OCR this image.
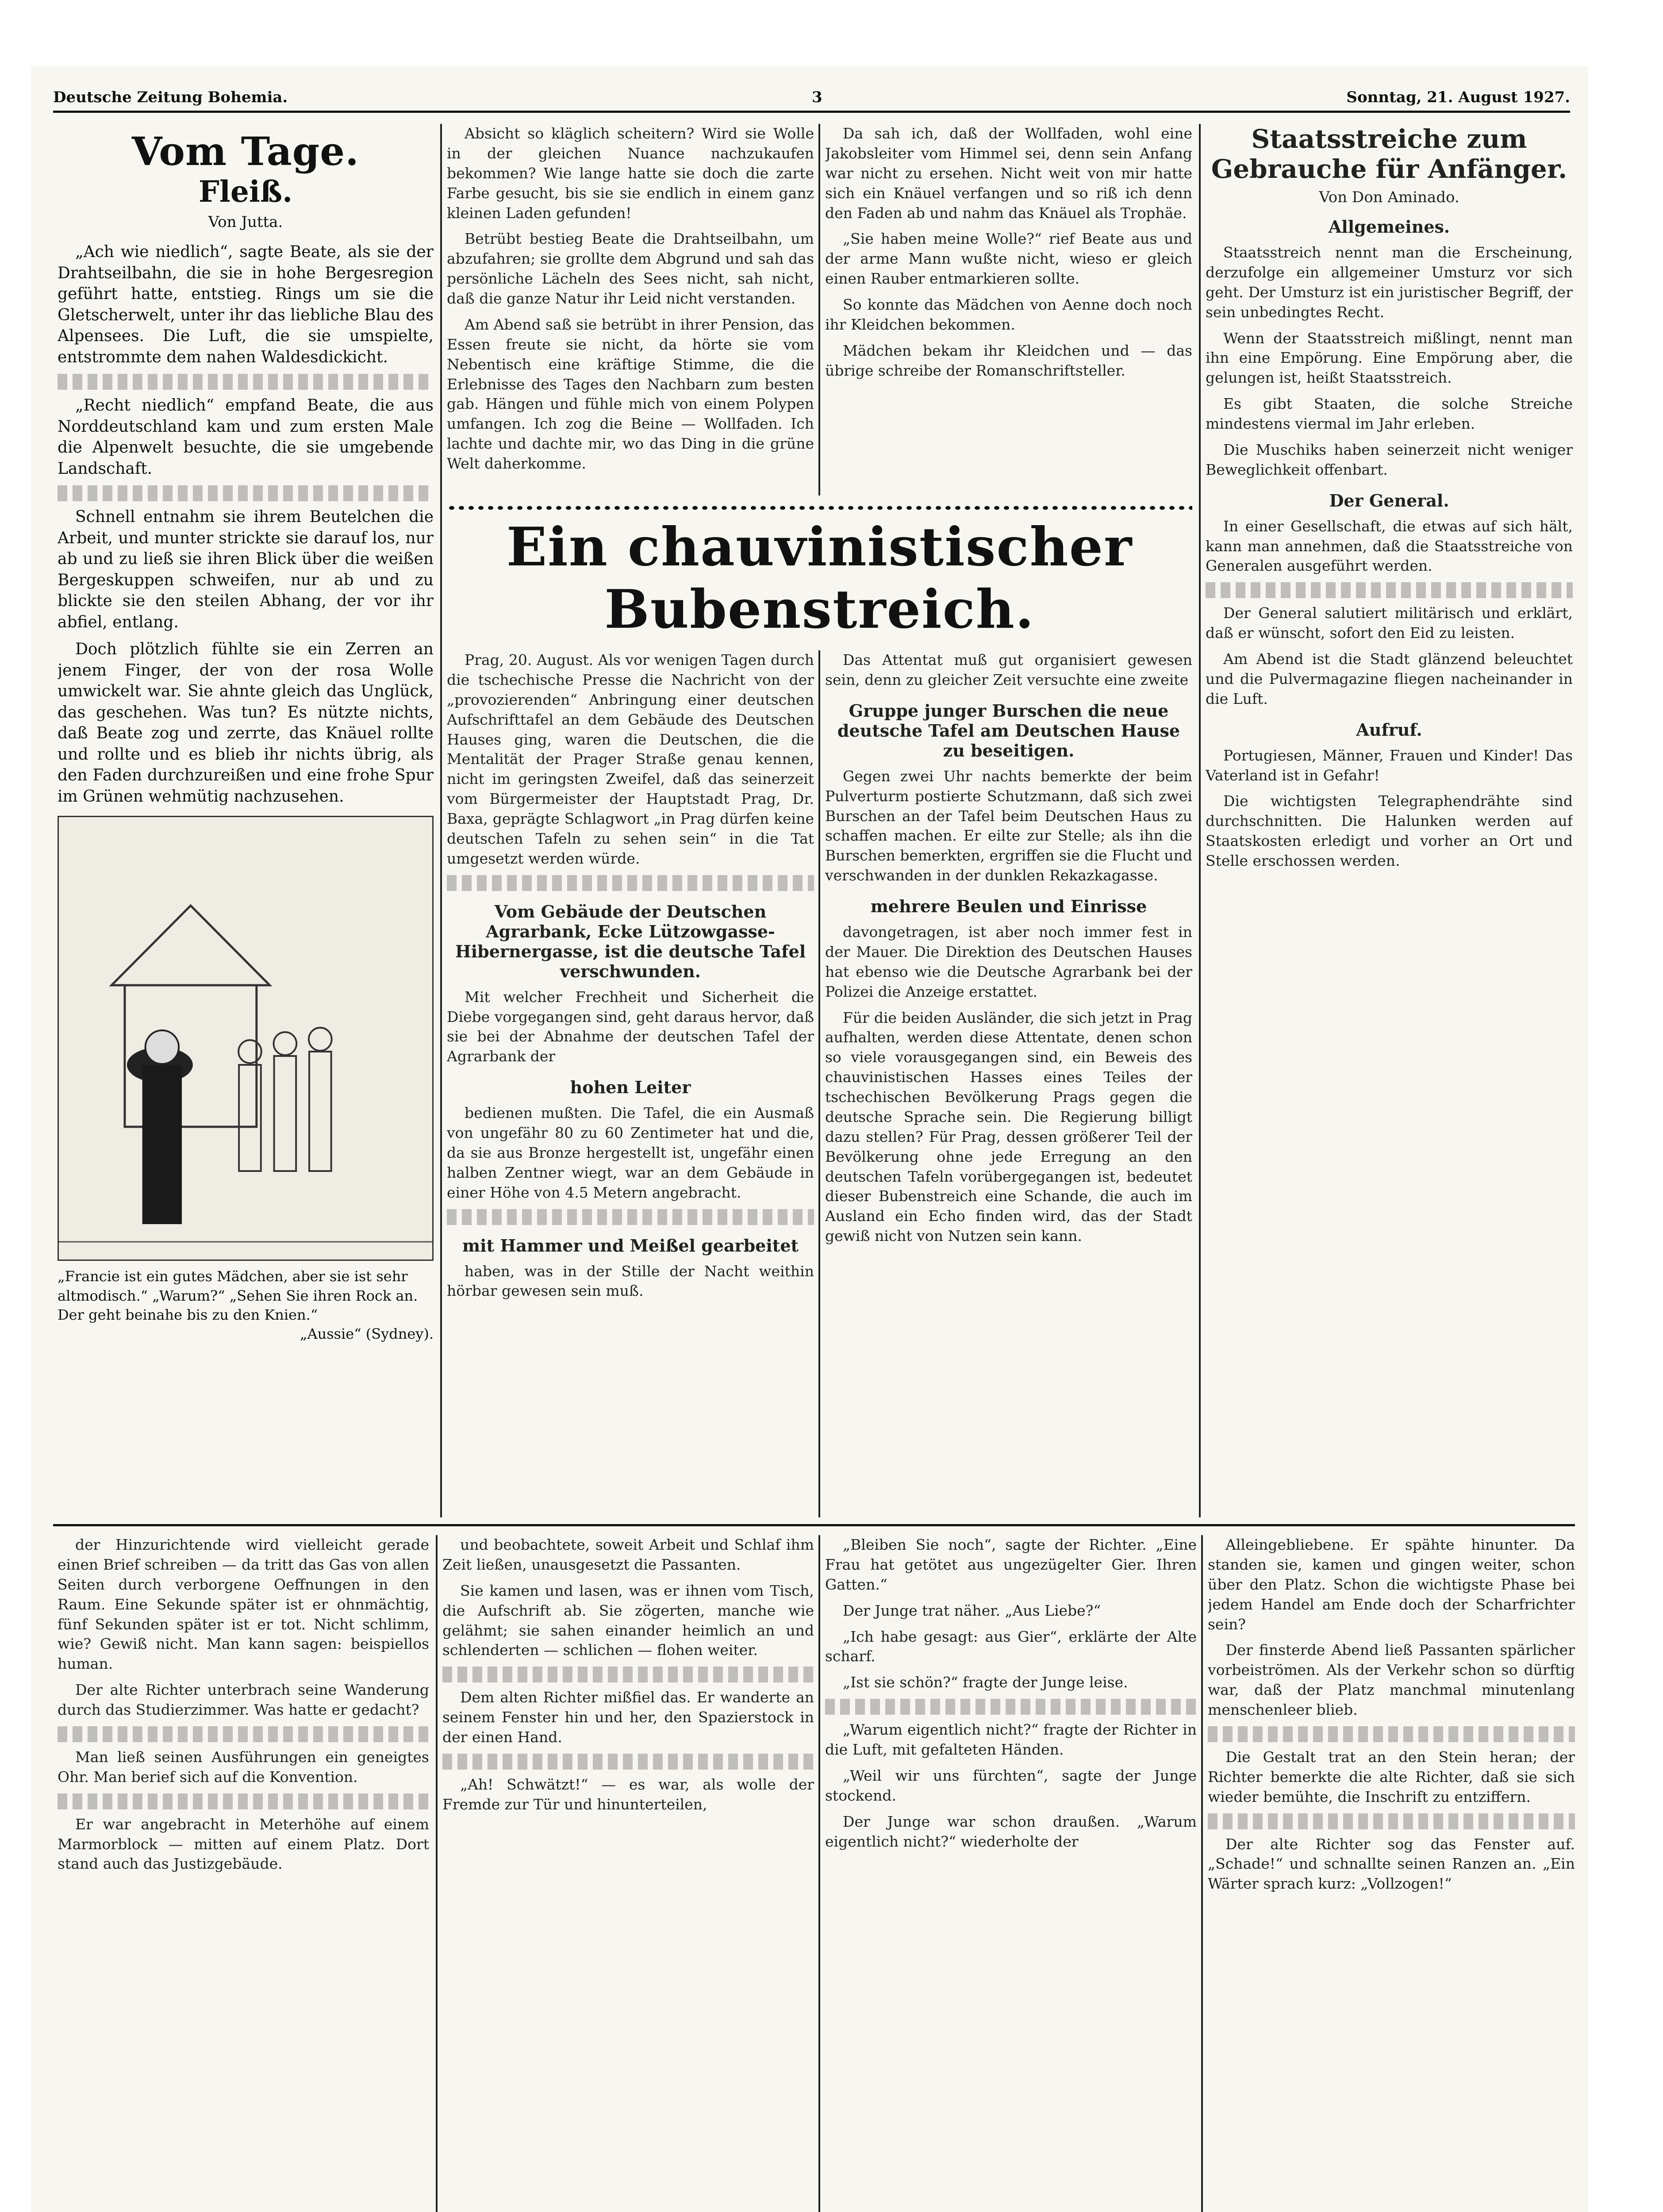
Deutsche Zeitung Bohemia.	3	Sonntag, 21. August 1927.
Vom Tage.
Fleiß.
Von Jutta.

„Ach wie niedlich“, sagte Beate, als sie der Drahtseilbahn, die sie in hohe Bergesregion geführt hatte, entstieg. Rings um sie die Gletscherwelt, unter ihr das liebliche Blau des Alpensees. Die Luft, die sie umspielte, entstrommte dem nahen Waldesdickicht.

„Recht niedlich“ empfand Beate, die aus Norddeutschland kam und zum ersten Male die Alpenwelt besuchte, die sie umgebende Landschaft.

Schnell entnahm sie ihrem Beutelchen die Arbeit, und munter strickte sie darauf los, nur ab und zu ließ sie ihren Blick über die weißen Bergeskuppen schweifen, nur ab und zu blickte sie den steilen Abhang, der vor ihr abfiel, entlang.

Doch plötzlich fühlte sie ein Zerren an jenem Finger, der von der rosa Wolle umwickelt war. Sie ahnte gleich das Unglück, das geschehen. Was tun? Es nützte nichts, daß Beate zog und zerrte, das Knäuel rollte und rollte und es blieb ihr nichts übrig, als den Faden durchzureißen und eine frohe Spur im Grünen wehmütig nachzusehen.

„Francie ist ein gutes Mädchen, aber sie ist sehr altmodisch.“ „Warum?“ „Sehen Sie ihren Rock an. Der geht beinahe bis zu den Knien.“
„Aussie“ (Sydney).

Absicht so kläglich scheitern? Wird sie Wolle in der gleichen Nuance nachzukaufen bekommen? Wie lange hatte sie doch die zarte Farbe gesucht, bis sie sie endlich in einem ganz kleinen Laden gefunden!

Betrübt bestieg Beate die Drahtseilbahn, um abzufahren; sie grollte dem Abgrund und sah das persönliche Lächeln des Sees nicht, sah nicht, daß die ganze Natur ihr Leid nicht verstanden.

Am Abend saß sie betrübt in ihrer Pension, das Essen freute sie nicht, da hörte sie vom Nebentisch eine kräftige Stimme, die die Erlebnisse des Tages den Nachbarn zum besten gab. Hängen und fühle mich von einem Polypen umfangen. Ich zog die Beine — Wollfaden. Ich lachte und dachte mir, wo das Ding in die grüne Welt daherkomme.

Da sah ich, daß der Wollfaden, wohl eine Jakobsleiter vom Himmel sei, denn sein Anfang war nicht zu ersehen. Nicht weit von mir hatte sich ein Knäuel verfangen und so riß ich denn den Faden ab und nahm das Knäuel als Trophäe.

„Sie haben meine Wolle?“ rief Beate aus und der arme Mann wußte nicht, wieso er gleich einen Rauber entmarkieren sollte.

So konnte das Mädchen von Aenne doch noch ihr Kleidchen bekommen.

Mädchen bekam ihr Kleidchen und — das übrige schreibe der Romanschriftsteller.

Ein chauvinistischer Bubenstreich.

Prag, 20. August. Als vor wenigen Tagen durch die tschechische Presse die Nachricht von der „provozierenden“ Anbringung einer deutschen Aufschrifttafel an dem Gebäude des Deutschen Hauses ging, waren die Deutschen, die die Mentalität der Prager Straße genau kennen, nicht im geringsten Zweifel, daß das seinerzeit vom Bürgermeister der Hauptstadt Prag, Dr. Baxa, geprägte Schlagwort „in Prag dürfen keine deutschen Tafeln zu sehen sein“ in die Tat umgesetzt werden würde.

Vom Gebäude der Deutschen Agrarbank, Ecke Lützowgasse-Hibernergasse, ist die deutsche Tafel verschwunden.

Mit welcher Frechheit und Sicherheit die Diebe vorgegangen sind, geht daraus hervor, daß sie bei der Abnahme der deutschen Tafel der Agrarbank der

hohen Leiter

bedienen mußten. Die Tafel, die ein Ausmaß von ungefähr 80 zu 60 Zentimeter hat und die, da sie aus Bronze hergestellt ist, ungefähr einen halben Zentner wiegt, war an dem Gebäude in einer Höhe von 4.5 Metern angebracht.

mit Hammer und Meißel gearbeitet

haben, was in der Stille der Nacht weithin hörbar gewesen sein muß.

Das Attentat muß gut organisiert gewesen sein, denn zu gleicher Zeit versuchte eine zweite

Gruppe junger Burschen die neue deutsche Tafel am Deutschen Hause zu beseitigen.

Gegen zwei Uhr nachts bemerkte der beim Pulverturm postierte Schutzmann, daß sich zwei Burschen an der Tafel beim Deutschen Haus zu schaffen machen. Er eilte zur Stelle; als ihn die Burschen bemerkten, ergriffen sie die Flucht und verschwanden in der dunklen Rekazkagasse.

mehrere Beulen und Einrisse

davongetragen, ist aber noch immer fest in der Mauer. Die Direktion des Deutschen Hauses hat ebenso wie die Deutsche Agrarbank bei der Polizei die Anzeige erstattet.

Für die beiden Ausländer, die sich jetzt in Prag aufhalten, werden diese Attentate, denen schon so viele vorausgegangen sind, ein Beweis des chauvinistischen Hasses eines Teiles der tschechischen Bevölkerung Prags gegen die deutsche Sprache sein. Die Regierung billigt dazu stellen? Für Prag, dessen größerer Teil der Bevölkerung ohne jede Erregung an den deutschen Tafeln vorübergegangen ist, bedeutet dieser Bubenstreich eine Schande, die auch im Ausland ein Echo finden wird, das der Stadt gewiß nicht von Nutzen sein kann.

Staatsstreiche zum Gebrauche für Anfänger.
Von Don Aminado.
Allgemeines.

Staatsstreich nennt man die Erscheinung, derzufolge ein allgemeiner Umsturz vor sich geht. Der Umsturz ist ein juristischer Begriff, der sein unbedingtes Recht.

Wenn der Staatsstreich mißlingt, nennt man ihn eine Empörung. Eine Empörung aber, die gelungen ist, heißt Staatsstreich.

Es gibt Staaten, die solche Streiche mindestens viermal im Jahr erleben.

Die Muschiks haben seinerzeit nicht weniger Beweglichkeit offenbart.

Der General.

In einer Gesellschaft, die etwas auf sich hält, kann man annehmen, daß die Staatsstreiche von Generalen ausgeführt werden.

Der General salutiert militärisch und erklärt, daß er wünscht, sofort den Eid zu leisten.

Am Abend ist die Stadt glänzend beleuchtet und die Pulvermagazine fliegen nacheinander in die Luft.

Aufruf.

Portugiesen, Männer, Frauen und Kinder! Das Vaterland ist in Gefahr!

Die wichtigsten Telegraphendrähte sind durchschnitten. Die Halunken werden auf Staatskosten erledigt und vorher an Ort und Stelle erschossen werden.

der Hinzurichtende wird vielleicht gerade einen Brief schreiben — da tritt das Gas von allen Seiten durch verborgene Oeffnungen in den Raum. Eine Sekunde später ist er ohnmächtig, fünf Sekunden später ist er tot. Nicht schlimm, wie? Gewiß nicht. Man kann sagen: beispiellos human.

Der alte Richter unterbrach seine Wanderung durch das Studierzimmer. Was hatte er gedacht?

Man ließ seinen Ausführungen ein geneigtes Ohr. Man berief sich auf die Konvention.

Er war angebracht in Meterhöhe auf einem Marmorblock — mitten auf einem Platz. Dort stand auch das Justizgebäude.

und beobachtete, soweit Arbeit und Schlaf ihm Zeit ließen, unausgesetzt die Passanten.

Sie kamen und lasen, was er ihnen vom Tisch, die Aufschrift ab. Sie zögerten, manche wie gelähmt; sie sahen einander heimlich an und schlenderten — schlichen — flohen weiter.

Dem alten Richter mißfiel das. Er wanderte an seinem Fenster hin und her, den Spazierstock in der einen Hand.

„Ah! Schwätzt!“ — es war, als wolle der Fremde zur Tür und hinunterteilen,

„Bleiben Sie noch“, sagte der Richter. „Eine Frau hat getötet aus ungezügelter Gier. Ihren Gatten.“

Der Junge trat näher. „Aus Liebe?“

„Ich habe gesagt: aus Gier“, erklärte der Alte scharf.

„Ist sie schön?“ fragte der Junge leise.

„Warum eigentlich nicht?“ fragte der Richter in die Luft, mit gefalteten Händen.

„Weil wir uns fürchten“, sagte der Junge stockend.

Der Junge war schon draußen. „Warum eigentlich nicht?“ wiederholte der

Alleingebliebene. Er spähte hinunter. Da standen sie, kamen und gingen weiter, schon über den Platz. Schon die wichtigste Phase bei jedem Handel am Ende doch der Scharfrichter sein?

Der finsterde Abend ließ Passanten spärlicher vorbeiströmen. Als der Verkehr schon so dürftig war, daß der Platz manchmal minutenlang menschenleer blieb.

Die Gestalt trat an den Stein heran; der Richter bemerkte die alte Richter, daß sie sich wieder bemühte, die Inschrift zu entziffern.

Der alte Richter sog das Fenster auf. „Schade!“ und schnallte seinen Ranzen an. „Ein Wärter sprach kurz: „Vollzogen!“
